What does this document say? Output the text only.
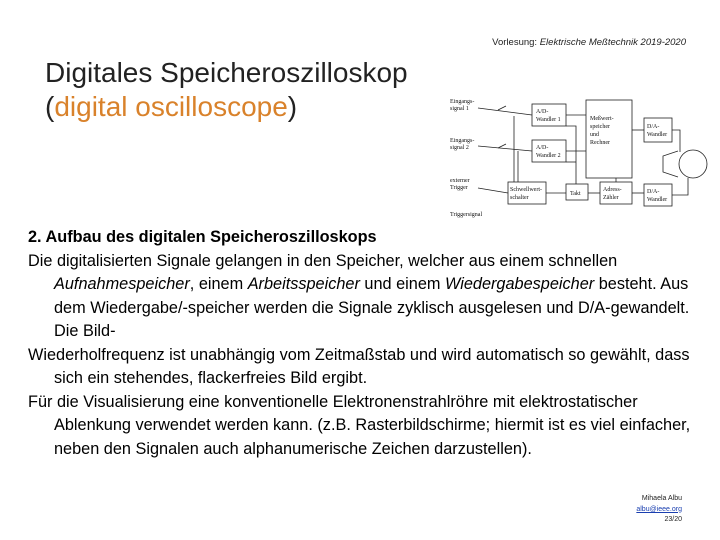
Vorlesung: Elektrische Meßtechnik 2019-2020
Digitales Speicheroszilloskop
(digital oscilloscope)	Eingangs-
signal 1
Eingangs-
signal 2
externer
Trigger
Triggersignal
A/D-
Wandler 1
A/D-
Wandler 2
Meßwert-
speicher
und
Rechner
D/A-
Wandler
Schwellwert-
schalter
Takt
Adress-
Zähler
D/A-
Wandler

2. Aufbau des digitalen Speicheroszilloskops

Die digitalisierten Signale gelangen in den Speicher, welcher aus einem schnellen Aufnahmespeicher, einem Arbeitsspeicher und einem Wiedergabespeicher besteht. Aus dem Wiedergabe/-speicher werden die Signale zyklisch ausgelesen und D/A-gewandelt. Die Bild-

Wiederholfrequenz ist unabhängig vom Zeitmaßstab und wird automatisch so gewählt, dass sich ein stehendes, flackerfreies Bild ergibt.

Für die Visualisierung eine konventionelle Elektronenstrahlröhre mit elektrostatischer Ablenkung verwendet werden kann. (z.B. Rasterbildschirme; hiermit ist es viel einfacher, neben den Signalen auch alphanumerische Zeichen darzustellen).

Mihaela Albu
albu@ieee.org
23/20
